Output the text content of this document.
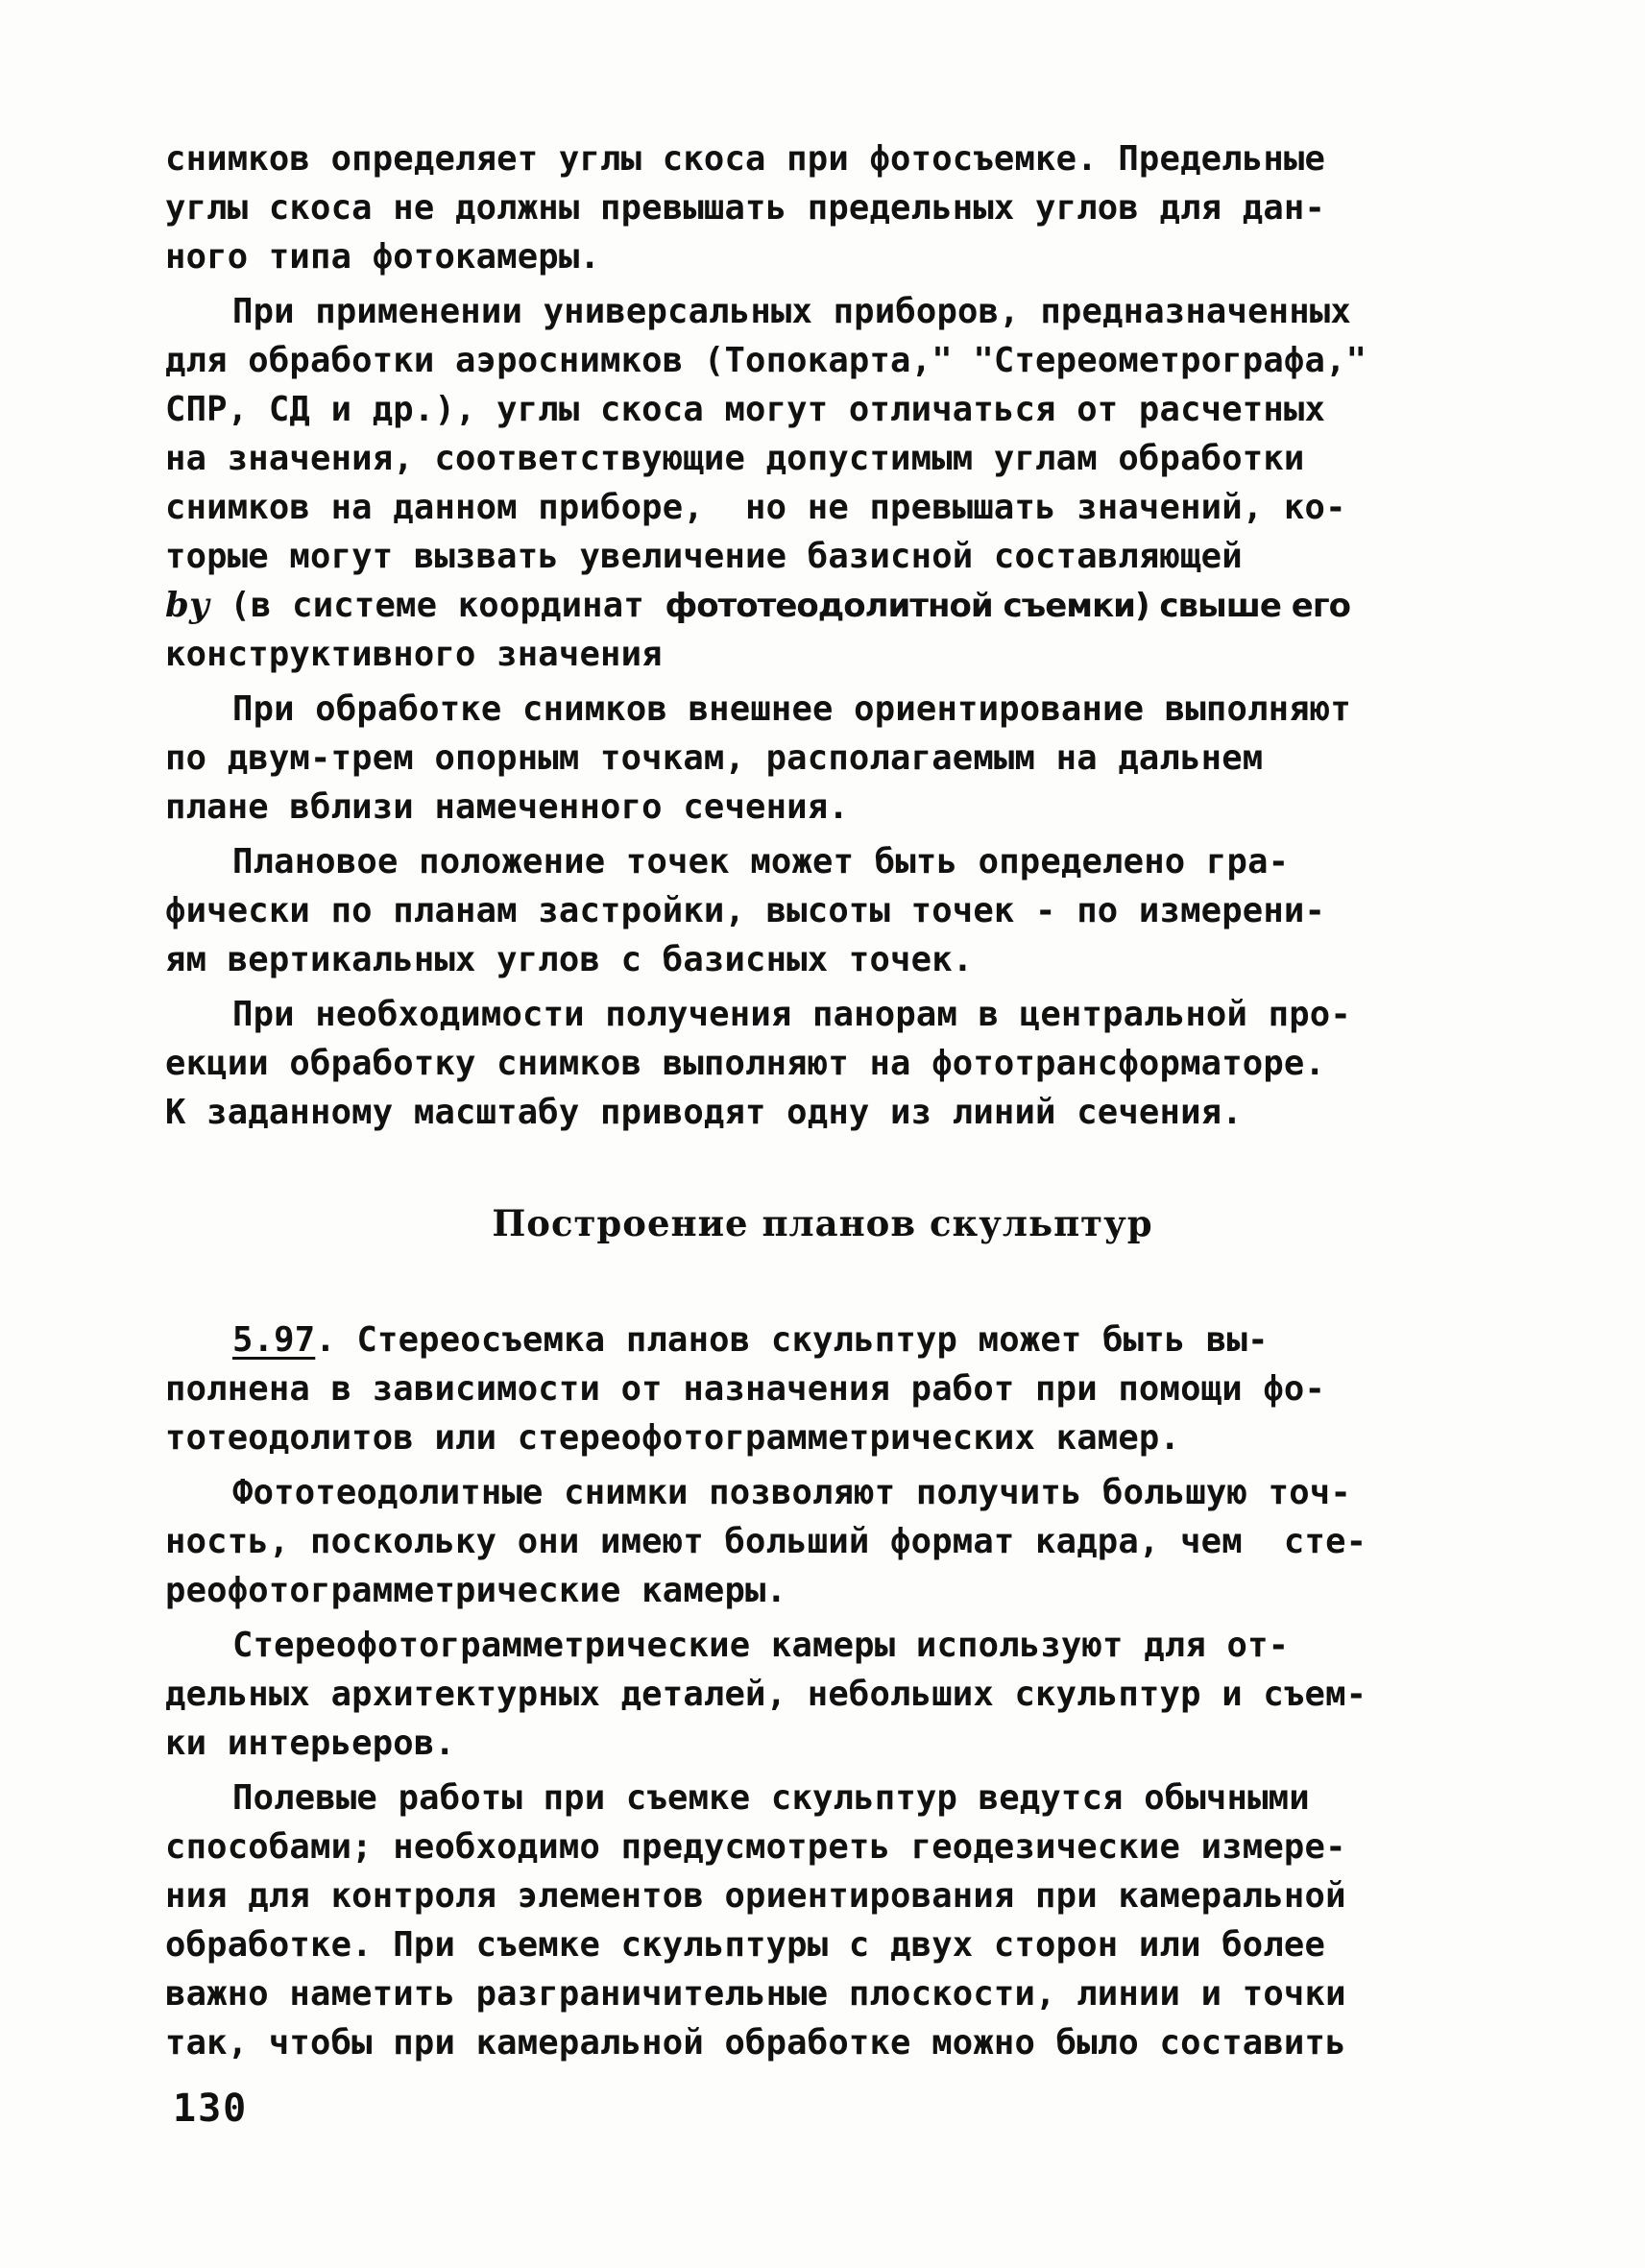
снимков определяет углы скоса при фотосъемке. Предельные
углы скоса не должны превышать предельных углов для дан-
ного типа фотокамеры.
При применении универсальных приборов, предназначенных
для обработки аэроснимков (Топокарта," "Стереометрографа,"
СПР, СД и др.), углы скоса могут отличаться от расчетных
на значения, соответствующие допустимым углам обработки
снимков на данном приборе,  но не превышать значений, ко-
торые могут вызвать увеличение базисной составляющей
by (в системе координат фототеодолитной съемки) свыше его
конструктивного значения
При обработке снимков внешнее ориентирование выполняют
по двум-трем опорным точкам, располагаемым на дальнем
плане вблизи намеченного сечения.
Плановое положение точек может быть определено гра-
фически по планам застройки, высоты точек - по измерени-
ям вертикальных углов с базисных точек.
При необходимости получения панорам в центральной про-
екции обработку снимков выполняют на фототрансформаторе.
К заданному масштабу приводят одну из линий сечения.
Построение планов скульптур
5.97. Стереосъемка планов скульптур может быть вы-
полнена в зависимости от назначения работ при помощи фо-
тотеодолитов или стереофотограмметрических камер.
Фототеодолитные снимки позволяют получить большую точ-
ность, поскольку они имеют больший формат кадра, чем  сте-
реофотограмметрические камеры.
Стереофотограмметрические камеры используют для от-
дельных архитектурных деталей, небольших скульптур и съем-
ки интерьеров.
Полевые работы при съемке скульптур ведутся обычными
способами; необходимо предусмотреть геодезические измере-
ния для контроля элементов ориентирования при камеральной
обработке. При съемке скульптуры с двух сторон или более
важно наметить разграничительные плоскости, линии и точки
так, чтобы при камеральной обработке можно было составить
130
